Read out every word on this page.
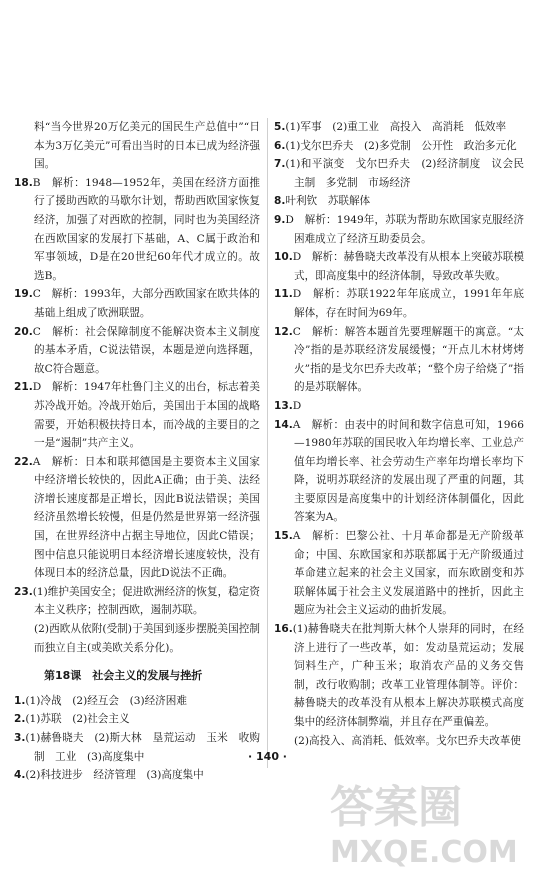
料“当今世界20万亿美元的国民生产总值中”“日本为3万亿美元”可看出当时的日本已成为经济强国。

18.B　解析：1948—1952年，美国在经济方面推行了援助西欧的马歇尔计划，帮助西欧国家恢复经济，加强了对西欧的控制，同时也为美国经济在西欧国家的发展打下基础，A、C属于政治和军事领域，D是在20世纪60年代才成立的。故选B。

19.C　解析：1993年，大部分西欧国家在欧共体的基础上组成了欧洲联盟。

20.C　解析：社会保障制度不能解决资本主义制度的基本矛盾，C说法错误，本题是逆向选择题，故C符合题意。

21.D　解析：1947年杜鲁门主义的出台，标志着美苏冷战开始。冷战开始后，美国出于本国的战略需要，开始积极扶持日本，而冷战的主要目的之一是“遏制”共产主义。

22.A　解析：日本和联邦德国是主要资本主义国家中经济增长较快的，因此A正确；由于美、法经济增长速度都是正增长，因此B说法错误；美国经济虽然增长较慢，但是仍然是世界第一经济强国，在世界经济中占据主导地位，因此C错误；图中信息只能说明日本经济增长速度较快，没有体现日本的经济总量，因此D说法不正确。

23.(1)维护美国安全；促进欧洲经济的恢复，稳定资本主义秩序；控制西欧，遏制苏联。

(2)西欧从依附(受制)于美国到逐步摆脱美国控制而独立自主(或美欧关系分化)。

第18课　社会主义的发展与挫折

1.(1)冷战　(2)经互会　(3)经济困难

2.(1)苏联　(2)社会主义

3.(1)赫鲁晓夫　(2)斯大林　垦荒运动　玉米　收购制　工业　(3)高度集中

4.(2)科技进步　经济管理　(3)高度集中

5.(1)军事　(2)重工业　高投入　高消耗　低效率

6.(1)戈尔巴乔夫　(2)多党制　公开性　政治多元化

7.(1)和平演变　戈尔巴乔夫　(2)经济制度　议会民主制　多党制　市场经济

8.叶利钦　苏联解体

9.D　解析：1949年，苏联为帮助东欧国家克服经济困难成立了经济互助委员会。

10.D　解析：赫鲁晓夫改革没有从根本上突破苏联模式，即高度集中的经济体制，导致改革失败。

11.D　解析：苏联1922年年底成立，1991年年底解体，存在时间为69年。

12.C　解析：解答本题首先要理解题干的寓意。“太冷”指的是苏联经济发展缓慢；“开点儿木材烤烤火”指的是戈尔巴乔夫改革；“整个房子给烧了”指的是苏联解体。

13.D

14.A　解析：由表中的时间和数字信息可知，1966—1980年苏联的国民收入年均增长率、工业总产值年均增长率、社会劳动生产率年均增长率均下降，说明苏联经济的发展出现了严重的问题，其主要原因是高度集中的计划经济体制僵化，因此答案为A。

15.A　解析：巴黎公社、十月革命都是无产阶级革命；中国、东欧国家和苏联都属于无产阶级通过革命建立起来的社会主义国家，而东欧剧变和苏联解体属于社会主义发展道路中的挫折，因此主题应为社会主义运动的曲折发展。

16.(1)赫鲁晓夫在批判斯大林个人崇拜的同时，在经济上进行了一些改革，如：发动垦荒运动；发展饲料生产，广种玉米；取消农产品的义务交售制，改行收购制；改革工业管理体制等。评价：赫鲁晓夫的改革没有从根本上解决苏联模式高度集中的经济体制弊端，并且存在严重偏差。

(2)高投入、高消耗、低效率。戈尔巴乔夫改革使

· 140 ·
答案圈
MXQE.COM
